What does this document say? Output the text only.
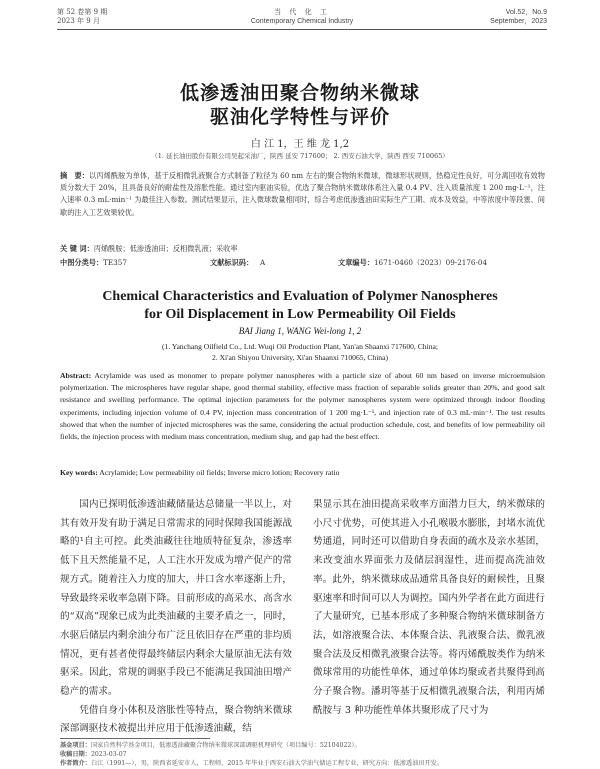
第 52 卷第 9 期
2023 年 9 月
当 代 化 工
Contemporary Chemical Industry
Vol.52，No.9
September，2023
低渗透油田聚合物纳米微球
驱油化学特性与评价
白 江 1，王 维 龙 1,2
（1. 延长油田股份有限公司吴起采油厂，陕西 延安 717600； 2. 西安石油大学，陕西 西安 710065）
摘　要：以丙烯酰胺为单体，基于反相微乳液聚合方式制备了粒径为 60 nm 左右的聚合物纳米微球，微球形状规则，热稳定性良好，可分离回收有效物质分数大于 20%，且具备良好的耐盐性及溶胀性能。通过室内驱油实验，优选了聚合物纳米微球体系注入量 0.4 PV、注入质量浓度 1 200 mg·L⁻¹，注入速率 0.3 mL·min⁻¹ 为最佳注入参数。测试结果显示，注入微球数量相同时，综合考虑低渗透油田实际生产工期、成本及效益，中等浓度中等段塞、间歇的注入工艺效果较优。
关 键 词：丙烯酰胺；低渗透油田；反相微乳液；采收率
中图分类号：TE357	文献标识码： A	文章编号：1671-0460（2023）09-2176-04
Chemical Characteristics and Evaluation of Polymer Nanospheres
for Oil Displacement in Low Permeability Oil Fields
BAI Jiang 1, WANG Wei-long 1, 2
(1. Yanchang Oilfield Co., Ltd. Wuqi Oil Production Plant, Yan'an Shaanxi 717600, China;
2. Xi'an Shiyou University, Xi'an Shaanxi 710065, China)
Abstract: Acrylamide was used as monomer to prepare polymer nanospheres with a particle size of about 60 nm based on inverse microemulsion polymerization. The microspheres have regular shape, good thermal stability, effective mass fraction of separable solids greater than 20%, and good salt resistance and swelling performance. The optimal injection parameters for the polymer nanospheres system were optimized through indoor flooding experiments, including injection volume of 0.4 PV, injection mass concentration of 1 200 mg·L⁻¹, and injection rate of 0.3 mL·min⁻¹. The test results showed that when the number of injected microspheres was the same, considering the actual production schedule, cost, and benefits of low permeability oil fields, the injection process with medium mass concentration, medium slug, and gap had the best effect.
Key words: Acrylamide; Low permeability oil fields; Inverse micro lotion; Recovery ratio

国内已探明低渗透油藏储量达总储量一半以上，对其有效开发有助于满足日常需求的同时保障我国能源战略的¹自主可控。此类油藏往往地质特征复杂，渗透率低下且天然能量不足，人工注水开发成为增产促产的常规方式。随着注入力度的加大，井口含水率逐渐上升，导致最终采收率急剧下降。目前形成的高采水、高含水的“双高”现象已成为此类油藏的主要矛盾之一，同时，水驱后储层内剩余油分布广泛且依旧存在严重的非均质情况，更有甚者使得最终储层内剩余大量原油无法有效驱采。因此，常规的调驱手段已不能满足我国油田增产稳产的需求。

凭借自身小体积及溶胀性等特点，聚合物纳米微球深部调驱技术被提出并应用于低渗透油藏，结

果显示其在油田提高采收率方面潜力巨大，纳米微球的小尺寸优势，可使其进入小孔喉吸水膨胀，封堵水流优势通道，同时还可以借助自身表面的疏水及亲水基团，来改变油水界面张力及储层润湿性，进而提高洗油效率。此外，纳米微球成品通常具备良好的耐候性，且聚驱速率和时间可以人为调控。国内外学者在此方面进行了大量研究，已基本形成了多种聚合物纳米微球制备方法，如溶液聚合法、本体聚合法、乳液聚合法、微乳液聚合法及反相微乳液聚合法等。将丙烯酰胺类作为纳米微球常用的功能性单体，通过单体均聚或者共聚得到高分子聚合物。潘玥等基于反相微乳液聚合法，利用丙烯酰胺与 3 种功能性单体共聚形成了尺寸为

基金项目：国家自然科学基金项目，低渗透油藏聚合物纳米微球深部调驱机理研究（项目编号：52104022）。
收稿日期：2023-03-07
作者简介：白江（1991—），男，陕西省延安市人，工程师，2015 年毕业于西安石油大学油气储运工程专业，研究方向：低渗透油田开发。
